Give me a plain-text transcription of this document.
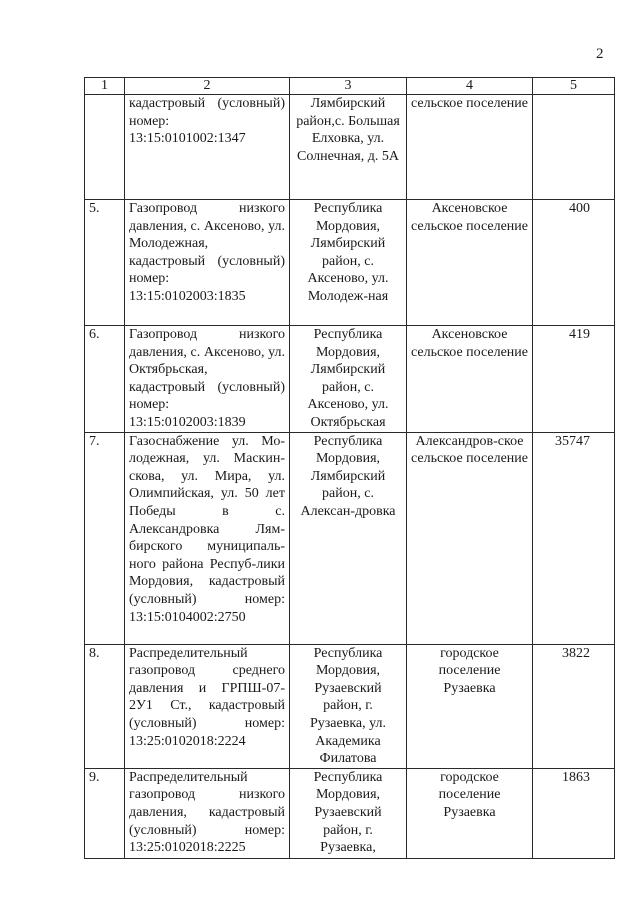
2
1	2	3	4	5
	кадастровый (условный) номер: 13:15:0101002:1347	Лямбирский район,с. Большая Елховка, ул. Солнечная, д. 5А	сельское поселение	
5.	Газопровод низкого давления, с. Аксеново, ул. Молодежная, кадастровый (условный) номер: 13:15:0102003:1835	Республика Мордовия, Лямбирский район, с. Аксеново, ул. Молодеж-ная	Аксеновское сельское поселение	400
6.	Газопровод низкого давления, с. Аксеново, ул. Октябрьская, кадастровый (условный) номер: 13:15:0102003:1839	Республика Мордовия, Лямбирский район, с. Аксеново, ул. Октябрьская	Аксеновское сельское поселение	419
7.	Газоснабжение ул. Мо-лодежная, ул. Маскин-скова, ул. Мира, ул. Олимпийская, ул. 50 лет Победы в с. Александровка Лям-бирского муниципаль-ного района Респуб-лики Мордовия, кадастровый (условный) номер: 13:15:0104002:2750	Республика Мордовия, Лямбирский район, с. Алексан-дровка	Александров-ское сельское поселение	35747
8.	Распределительный газопровод среднего давления и ГРПШ-07-2У1 Ст., кадастровый (условный) номер: 13:25:0102018:2224	Республика Мордовия, Рузаевский район, г. Рузаевка, ул. Академика Филатова	городское поселение Рузаевка	3822
9.	Распределительный газопровод низкого давления, кадастровый (условный) номер: 13:25:0102018:2225	Республика Мордовия, Рузаевский район, г. Рузаевка,	городское поселение Рузаевка	1863
